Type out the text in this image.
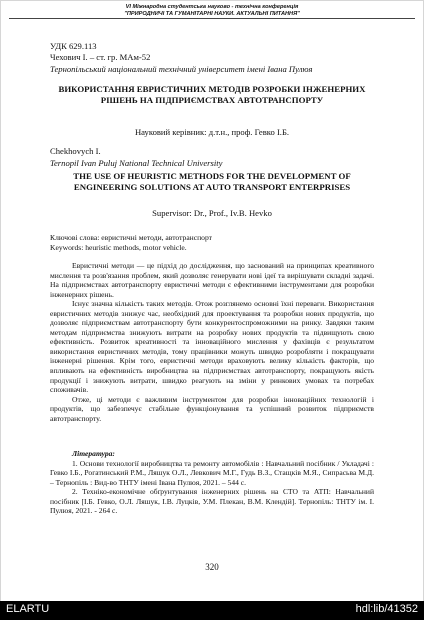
VI Міжнародна студентська науково - технічна конференція
"ПРИРОДНИЧІ ТА ГУМАНІТАРНІ НАУКИ. АКТУАЛЬНІ ПИТАННЯ"
УДК 629.113
Чехович І. – ст. гр. МАм-52
Тернопільський національний технічний університет імені Івана Пулюя
ВИКОРИСТАННЯ ЕВРИСТИЧНИХ МЕТОДІВ РОЗРОБКИ ІНЖЕНЕРНИХ РІШЕНЬ НА ПІДПРИЄМСТВАХ АВТОТРАНСПОРТУ
Науковий керівник: д.т.н., проф. Гевко І.Б.
Chekhovych I.
Ternopil Ivan Puluj National Technical University
THE USE OF HEURISTIC METHODS FOR THE DEVELOPMENT OF ENGINEERING SOLUTIONS AT AUTO TRANSPORT ENTERPRISES
Supervisor: Dr., Prof., Iv.B. Hevko
Ключові слова: евристичні методи, автотранспорт
Keywords: heuristic methods, motor vehicle.

Евристичні методи — це підхід до дослідження, що заснований на принципах креативного мислення та розв'язання проблем, який дозволяє генерувати нові ідеї та вирішувати складні задачі. На підприємствах автотранспорту евристичні методи є ефективними інструментами для розробки інженерних рішень.

Існує значна кількість таких методів. Отож розглянемо основні їхні переваги. Використання евристичних методів знижує час, необхідний для проектування та розробки нових продуктів, що дозволяє підприємствам автотранспорту бути конкурентоспроможними на ринку. Завдяки таким методам підприємства знижують витрати на розробку нових продуктів та підвищують свою ефективність. Розвиток креативності та інноваційного мислення у фахівців є результатом використання евристичних методів, тому працівники можуть швидко розробляти і покращувати інженерні рішення. Крім того, евристичні методи враховують велику кількість факторів, що впливають на ефективність виробництва на підприємствах автотранспорту, покращують якість продукції і знижують витрати, швидко реагують на зміни у ринкових умовах та потребах споживачів.

Отже, ці методи є важливим інструментом для розробки інноваційних технологій і продуктів, що забезпечує стабільне функціонування та успішний розвиток підприємств автотранспорту.

Література:
1. Основи технології виробництва та ремонту автомобілів : Навчальний посібник / Укладачі : Гевко І.Б., Рогатинський Р.М., Ляшук О.Л., Левкович М.Г., Гудь В.З., Стащків М.Я., Сипрасьва М.Д. – Тернопіль : Вид-во ТНТУ імені Івана Пулюя, 2021. – 544 с.
2. Техніко-економічне обґрунтування інженерних рішень на СТО та АТП: Навчальний посібник [І.Б. Гевко, О.Л. Ляшук, І.В. Луцків, У.М. Плекан, В.М. Клендій]. Тернопіль: ТНТУ ім. І. Пулюя, 2021. - 264 с.
320
ELARTU	hdl:lib/41352
